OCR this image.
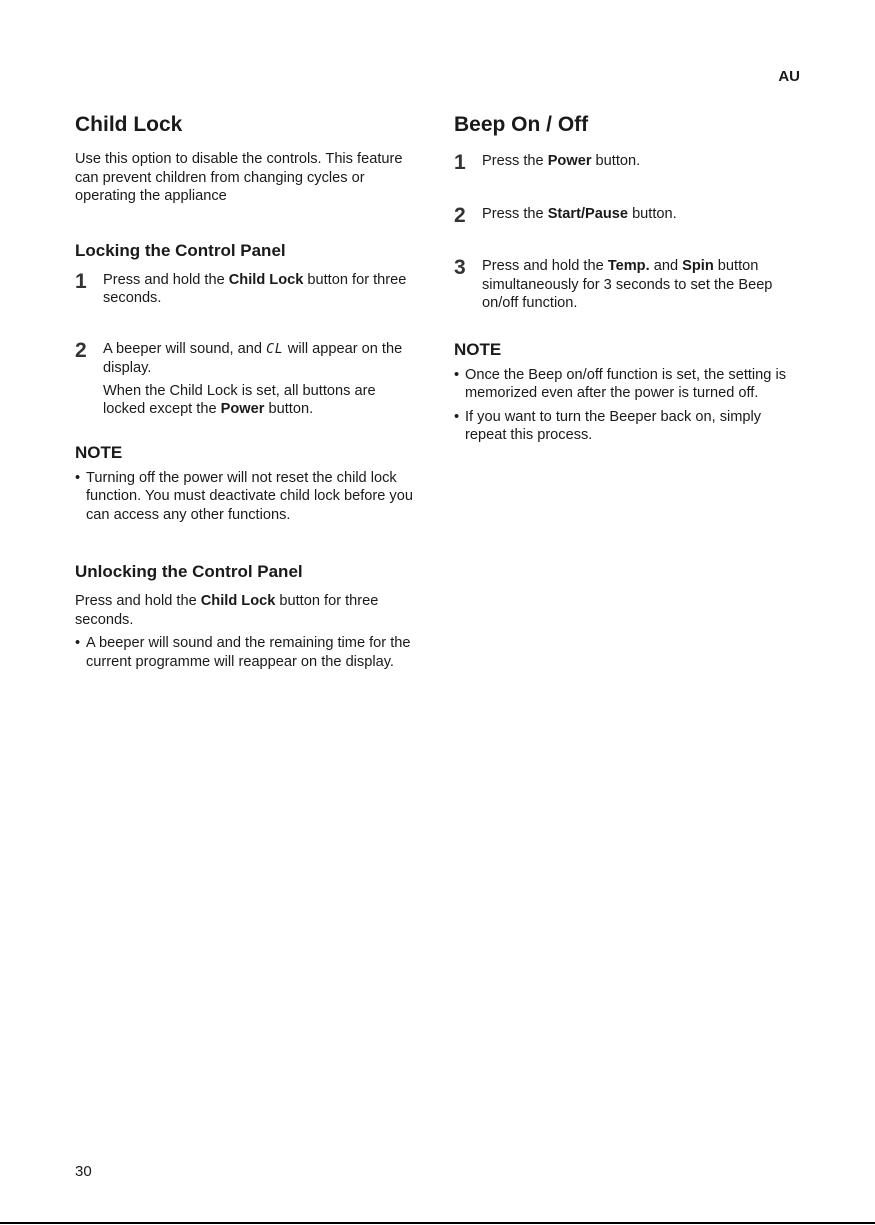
AU
Child Lock

Use this option to disable the controls. This feature can prevent children from changing cycles or operating the appliance

Locking the Control Panel
1 Press and hold the Child Lock button for three seconds.

2 A beeper will sound, and CL will appear on the display.

When the Child Lock is set, all buttons are locked except the Power button.

NOTE

• Turning off the power will not reset the child lock function. You must deactivate child lock before you can access any other functions.

Unlocking the Control Panel

Press and hold the Child Lock button for three seconds.

• A beeper will sound and the remaining time for the current programme will reappear on the display.

Beep On / Off
1 Press the Power button.

2 Press the Start/Pause button.

3 Press and hold the Temp. and Spin button simultaneously for 3 seconds to set the Beep on/off function.

NOTE

• Once the Beep on/off function is set, the setting is memorized even after the power is turned off.

• If you want to turn the Beeper back on, simply repeat this process.

30
